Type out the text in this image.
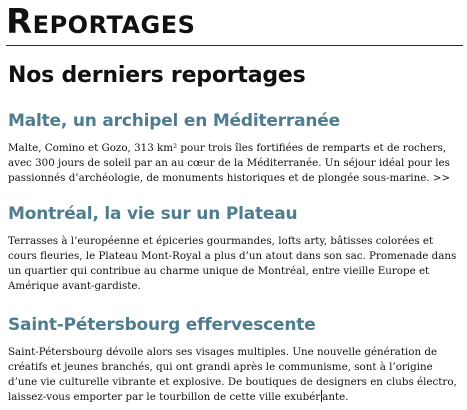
Reportages
Nos derniers reportages
Malte, un archipel en Méditerranée

Malte, Comino et Gozo, 313 km² pour trois îles fortifiées de remparts et de rochers, avec 300 jours de soleil par an au cœur de la Méditerranée. Un séjour idéal pour les passionnés d’archéologie, de monuments historiques et de plongée sous-marine. >>

Montréal, la vie sur un Plateau

Terrasses à l’européenne et épiceries gourmandes, lofts arty, bâtisses colorées et cours fleuries, le Plateau Mont-Royal a plus d’un atout dans son sac. Promenade dans un quartier qui contribue au charme unique de Montréal, entre vieille Europe et Amérique avant-gardiste.

Saint-Pétersbourg effervescente

Saint-Pétersbourg dévoile alors ses visages multiples. Une nouvelle génération de créatifs et jeunes branchés, qui ont grandi après le communisme, sont à l’origine d’une vie culturelle vibrante et explosive. De boutiques de designers en clubs électro, laissez-vous emporter par le tourbillon de cette ville exubér ante.
